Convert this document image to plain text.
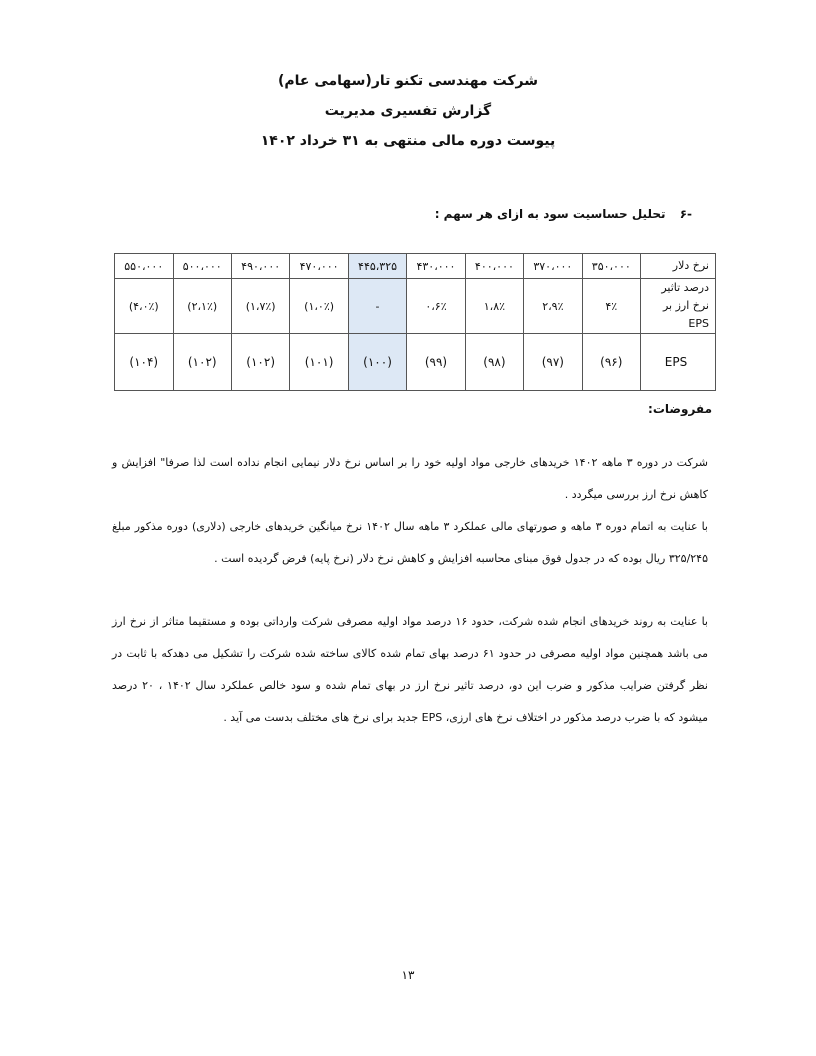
شرکت مهندسی تکنو تار(سهامی عام)
گزارش تفسیری مدیریت
پیوست دوره مالی منتهی به ۳۱ خرداد ۱۴۰۲
-۶ تحلیل حساسیت سود به ازای هر سهم :
نرخ دلار	۳۵۰،۰۰۰	۳۷۰،۰۰۰	۴۰۰،۰۰۰	۴۳۰،۰۰۰	۴۴۵،۳۲۵	۴۷۰،۰۰۰	۴۹۰،۰۰۰	۵۰۰،۰۰۰	۵۵۰،۰۰۰
درصد تاثیر نرخ ارز بر EPS	۴٪	۲،۹٪	۱،۸٪	۰،۶٪	-	(۱،۰٪)	(۱،۷٪)	(۲،۱٪)	(۴،۰٪)
EPS	(۹۶)	(۹۷)	(۹۸)	(۹۹)	(۱۰۰)	(۱۰۱)	(۱۰۲)	(۱۰۲)	(۱۰۴)
مفروضات:
شرکت در دوره ۳ ماهه ۱۴۰۲ خریدهای خارجی مواد اولیه خود را بر اساس نرخ دلار نیمایی انجام نداده است لذا صرفا" افزایش و کاهش نرخ ارز بررسی میگردد .
با عنایت به اتمام دوره ۳ ماهه و صورتهای مالی عملکرد ۳ ماهه سال ۱۴۰۲ نرخ میانگین خریدهای خارجی (دلاری) دوره مذکور مبلغ ۳۲۵/۲۴۵ ریال بوده که در جدول فوق مبنای محاسبه افزایش و کاهش نرخ دلار (نرخ پایه) فرض گردیده است .
با عنایت به روند خریدهای انجام شده شرکت، حدود ۱۶ درصد مواد اولیه مصرفی شرکت وارداتی بوده و مستقیما متاثر از نرخ ارز می باشد همچنین مواد اولیه مصرفی در حدود ۶۱ درصد بهای تمام شده کالای ساخته شده شرکت را تشکیل می دهدکه با ثابت در نظر گرفتن ضرایب مذکور و ضرب این دو، درصد تاثیر نرخ ارز در بهای تمام شده و سود خالص عملکرد سال ۱۴۰۲ ، ۲۰ درصد میشود که با ضرب درصد مذکور در اختلاف نرخ های ارزی، EPS جدید برای نرخ های مختلف بدست می آید .
۱۳
